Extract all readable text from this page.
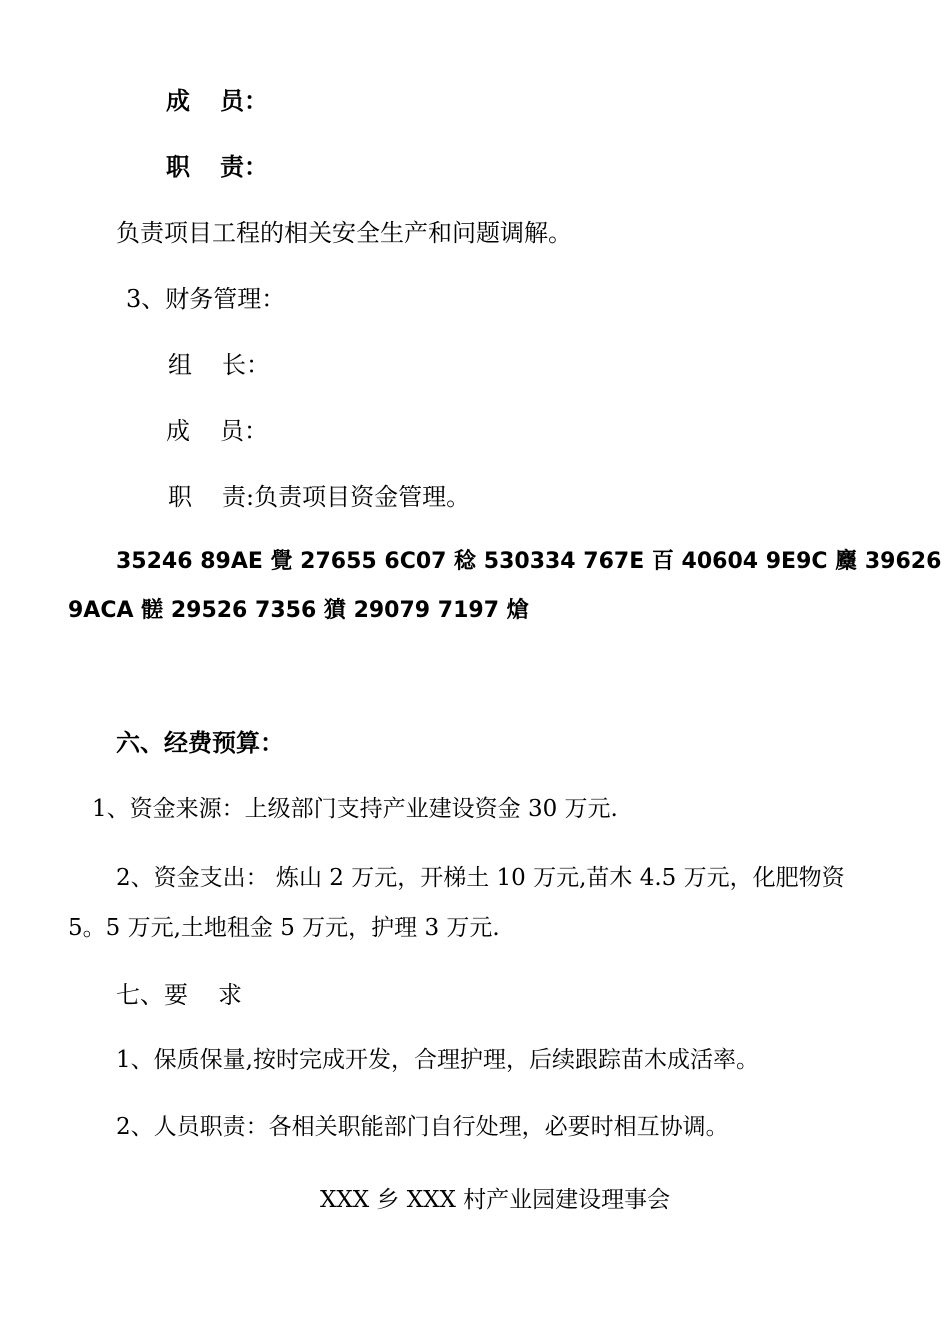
成 员：
职 责：
负责项目工程的相关安全生产和问题调解。
3、财务管理：
组 长：
成 员：
职 责:负责项目资金管理。
35246 89AE 覺 27655 6C07 稔 530334 767E 百 40604 9E9C 麜 39626
9ACA 髊 29526 7356 獖 29079 7197 熗
六、经费预算：
1、资金来源：上级部门支持产业建设资金 30 万元.
2、资金支出： 炼山 2 万元，开梯土 10 万元,苗木 4.5 万元，化肥物资
5。5 万元,土地租金 5 万元，护理 3 万元.
七、要 求
1、保质保量,按时完成开发，合理护理，后续跟踪苗木成活率。
2、人员职责：各相关职能部门自行处理，必要时相互协调。
XXX 乡 XXX 村产业园建设理事会
